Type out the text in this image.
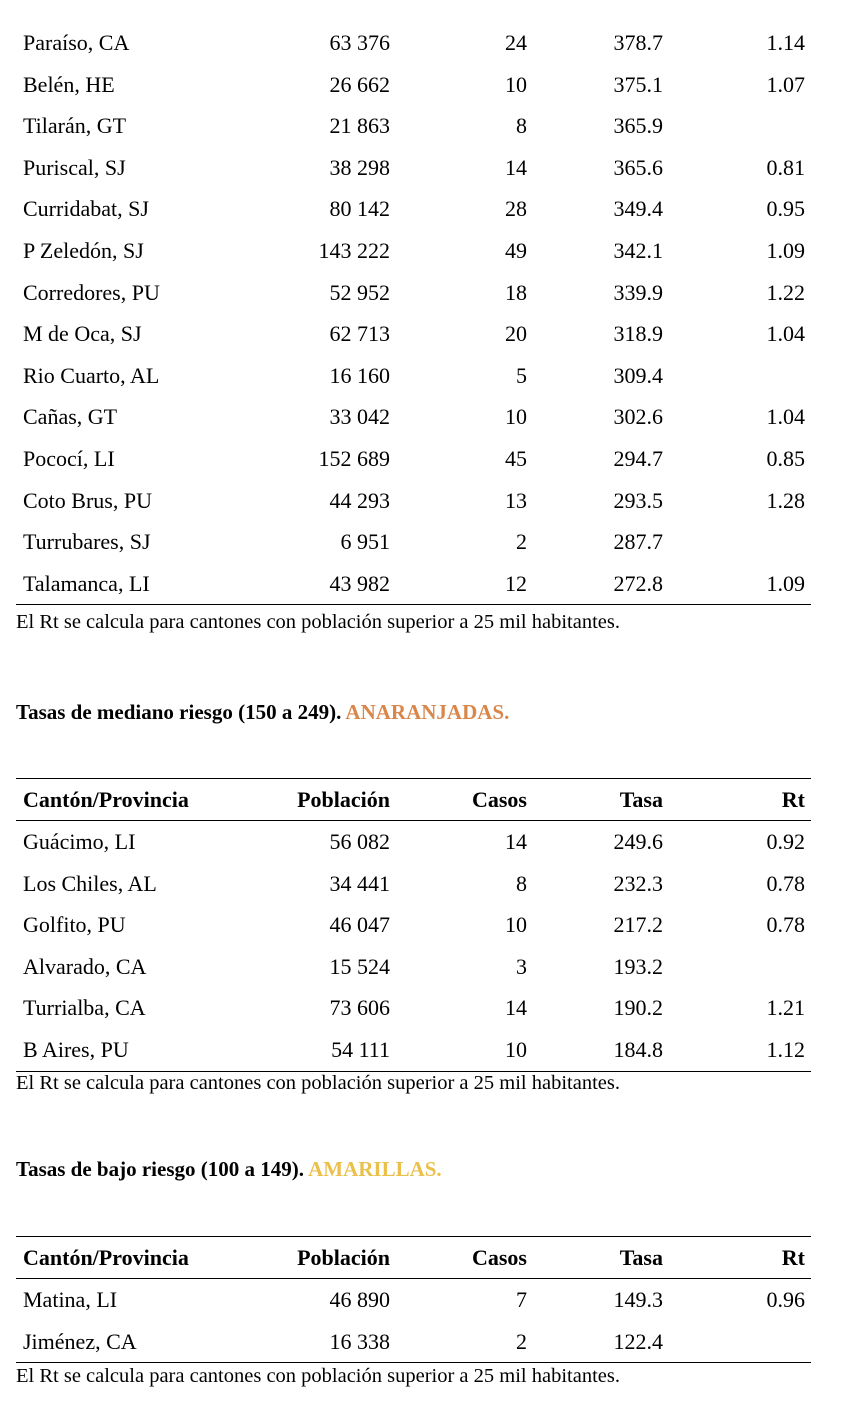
Paraíso, CA	63 376	24	378.7	1.14
Belén, HE	26 662	10	375.1	1.07
Tilarán, GT	21 863	8	365.9	
Puriscal, SJ	38 298	14	365.6	0.81
Curridabat, SJ	80 142	28	349.4	0.95
P Zeledón, SJ	143 222	49	342.1	1.09
Corredores, PU	52 952	18	339.9	1.22
M de Oca, SJ	62 713	20	318.9	1.04
Rio Cuarto, AL	16 160	5	309.4	
Cañas, GT	33 042	10	302.6	1.04
Pococí, LI	152 689	45	294.7	0.85
Coto Brus, PU	44 293	13	293.5	1.28
Turrubares, SJ	6 951	2	287.7	
Talamanca, LI	43 982	12	272.8	1.09
El Rt se calcula para cantones con población superior a 25 mil habitantes.
Tasas de mediano riesgo (150 a 249). ANARANJADAS.
Cantón/Provincia	Población	Casos	Tasa	Rt
Guácimo, LI	56 082	14	249.6	0.92
Los Chiles, AL	34 441	8	232.3	0.78
Golfito, PU	46 047	10	217.2	0.78
Alvarado, CA	15 524	3	193.2	
Turrialba, CA	73 606	14	190.2	1.21
B Aires, PU	54 111	10	184.8	1.12
El Rt se calcula para cantones con población superior a 25 mil habitantes.
Tasas de bajo riesgo (100 a 149). AMARILLAS.
Cantón/Provincia	Población	Casos	Tasa	Rt
Matina, LI	46 890	7	149.3	0.96
Jiménez, CA	16 338	2	122.4	
El Rt se calcula para cantones con población superior a 25 mil habitantes.
